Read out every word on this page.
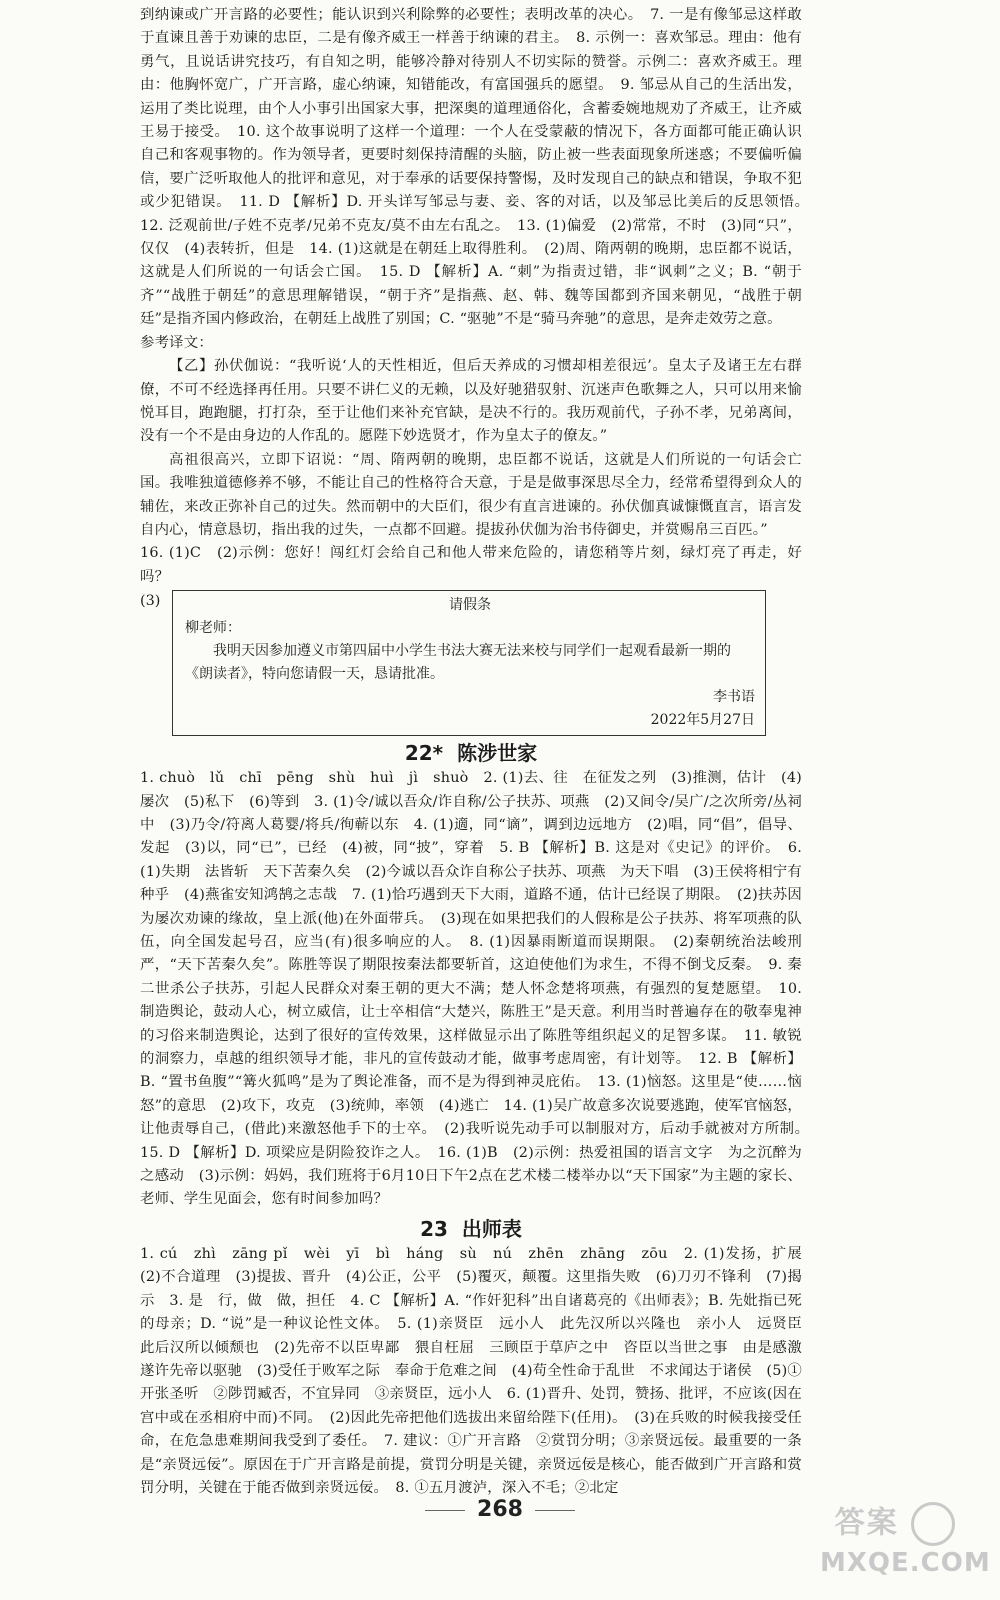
到纳谏或广开言路的必要性；能认识到兴利除弊的必要性；表明改革的决心。　7. 一是有像邹忌这样敢于直谏且善于劝谏的忠臣，二是有像齐威王一样善于纳谏的君主。　8. 示例一：喜欢邹忌。理由：他有勇气，且说话讲究技巧，有自知之明，能够冷静对待别人不切实际的赞誉。示例二：喜欢齐威王。理由：他胸怀宽广，广开言路，虚心纳谏，知错能改，有富国强兵的愿望。　9. 邹忌从自己的生活出发，运用了类比说理，由个人小事引出国家大事，把深奥的道理通俗化，含蓄委婉地规劝了齐威王，让齐威王易于接受。　10. 这个故事说明了这样一个道理：一个人在受蒙蔽的情况下，各方面都可能正确认识自己和客观事物的。作为领导者，更要时刻保持清醒的头脑，防止被一些表面现象所迷惑；不要偏听偏信，要广泛听取他人的批评和意见，对于奉承的话要保持警惕，及时发现自己的缺点和错误，争取不犯或少犯错误。　11. D 【解析】D. 开头详写邹忌与妻、妾、客的对话，以及邹忌比美后的反思领悟。　12. 泛观前世/子姓不克孝/兄弟不克友/莫不由左右乱之。　13. (1)偏爱　(2)常常，不时　(3)同“只”，仅仅　(4)表转折，但是　14. (1)这就是在朝廷上取得胜利。　(2)周、隋两朝的晚期，忠臣都不说话，这就是人们所说的一句话会亡国。　15. D 【解析】A. “刺”为指责过错，非“讽刺”之义；B. “朝于齐”“战胜于朝廷”的意思理解错误，“朝于齐”是指燕、赵、韩、魏等国都到齐国来朝见，“战胜于朝廷”是指齐国内修政治，在朝廷上战胜了别国；C. “驱驰”不是“骑马奔驰”的意思，是奔走效劳之意。

参考译文：

【乙】孙伏伽说：“我听说‘人的天性相近，但后天养成的习惯却相差很远’。皇太子及诸王左右群僚，不可不经选择再任用。只要不讲仁义的无赖，以及好驰猎驭射、沉迷声色歌舞之人，只可以用来愉悦耳目，跑跑腿，打打杂，至于让他们来补充官缺，是决不行的。我历观前代，子孙不孝，兄弟离间，没有一个不是由身边的人作乱的。愿陛下妙选贤才，作为皇太子的僚友。”

高祖很高兴，立即下诏说：“周、隋两朝的晚期，忠臣都不说话，这就是人们所说的一句话会亡国。我唯独道德修养不够，不能让自己的性格符合天意，于是是做事深思尽全力，经常希望得到众人的辅佐，来改正弥补自己的过失。然而朝中的大臣们，很少有直言进谏的。孙伏伽真诚慷慨直言，语言发自内心，情意恳切，指出我的过失，一点都不回避。提拔孙伏伽为治书侍御史，并赏赐帛三百匹。”

16. (1)C　(2)示例：您好！闯红灯会给自己和他人带来危险的，请您稍等片刻，绿灯亮了再走，好吗？

(3)	请假条
柳老师：
我明天因参加遵义市第四届中小学生书法大赛无法来校与同学们一起观看最新一期的《朗读者》，特向您请假一天，恳请批准。
李书语
2022年5月27日
22* 陈涉世家

1. chuò　lǔ　chī　pēng　shù　huì　jì　shuò　2. (1)去、往　在征发之列　(3)推测，估计　(4)屡次　(5)私下　(6)等到　3. (1)令/诚以吾众/诈自称/公子扶苏、项燕　(2)又间令/吴广/之次所旁/丛祠中　(3)乃令/符离人葛婴/将兵/徇蕲以东　4. (1)適，同“谪”，调到边远地方　(2)唱，同“倡”，倡导、发起　(3)以，同“已”，已经　(4)被，同“披”，穿着　5. B 【解析】B. 这是对《史记》的评价。　6. (1)失期　法皆斩　天下苦秦久矣　(2)今诚以吾众诈自称公子扶苏、项燕　为天下唱　(3)王侯将相宁有种乎　(4)燕雀安知鸿鹄之志哉　7. (1)恰巧遇到天下大雨，道路不通，估计已经误了期限。　(2)扶苏因为屡次劝谏的缘故，皇上派(他)在外面带兵。　(3)现在如果把我们的人假称是公子扶苏、将军项燕的队伍，向全国发起号召，应当(有)很多响应的人。　8. (1)因暴雨断道而误期限。　(2)秦朝统治法峻刑严，“天下苦秦久矣”。陈胜等误了期限按秦法都要斩首，这迫使他们为求生，不得不倒戈反秦。　9. 秦二世杀公子扶苏，引起人民群众对秦王朝的更大不满；楚人怀念楚将项燕，有强烈的复楚愿望。　10. 制造舆论，鼓动人心，树立威信，让士卒相信“大楚兴，陈胜王”是天意。利用当时普遍存在的敬奉鬼神的习俗来制造舆论，达到了很好的宣传效果，这样做显示出了陈胜等组织起义的足智多谋。　11. 敏锐的洞察力，卓越的组织领导才能，非凡的宣传鼓动才能，做事考虑周密，有计划等。　12. B 【解析】B. “置书鱼腹”“篝火狐鸣”是为了舆论准备，而不是为得到神灵庇佑。　13. (1)恼怒。这里是“使……恼怒”的意思　(2)攻下，攻克　(3)统帅，率领　(4)逃亡　14. (1)吴广故意多次说要逃跑，使军官恼怒，让他责辱自己，(借此)来激怒他手下的士卒。　(2)我听说先动手可以制服对方，后动手就被对方所制。　15. D 【解析】D. 项梁应是阴险狡诈之人。　16. (1)B　(2)示例：热爱祖国的语言文字　为之沉醉为之感动　(3)示例：妈妈，我们班将于6月10日下午2点在艺术楼二楼举办以“天下国家”为主题的家长、老师、学生见面会，您有时间参加吗？

23 出师表

1. cú　zhì　zāng pǐ　wèi　yī　bì　háng　sù　nú　zhēn　zhāng　zōu　2. (1)发扬，扩展　(2)不合道理　(3)提拔、晋升　(4)公正，公平　(5)覆灭，颠覆。这里指失败　(6)刀刃不锋利　(7)揭示　3. 是　行，做　做，担任　4. C 【解析】A. “作奸犯科”出自诸葛亮的《出师表》；B. 先妣指已死的母亲；D. “说”是一种议论性文体。　5. (1)亲贤臣　远小人　此先汉所以兴隆也　亲小人　远贤臣　此后汉所以倾颓也　(2)先帝不以臣卑鄙　猥自枉屈　三顾臣于草庐之中　咨臣以当世之事　由是感激　遂许先帝以驱驰　(3)受任于败军之际　奉命于危难之间　(4)苟全性命于乱世　不求闻达于诸侯　(5)①开张圣听　②陟罚臧否，不宜异同　③亲贤臣，远小人　6. (1)晋升、处罚，赞扬、批评，不应该(因在宫中或在丞相府中而)不同。　(2)因此先帝把他们选拔出来留给陛下(任用)。　(3)在兵败的时候我接受任命，在危急患难期间我受到了委任。　7. 建议：①广开言路　②赏罚分明；③亲贤远佞。最重要的一条是“亲贤远佞”。原因在于广开言路是前提，赏罚分明是关键，亲贤远佞是核心，能否做到广开言路和赏罚分明，关键在于能否做到亲贤远佞。　8. ①五月渡泸，深入不毛；②北定

268	答案
MXQE.COM
